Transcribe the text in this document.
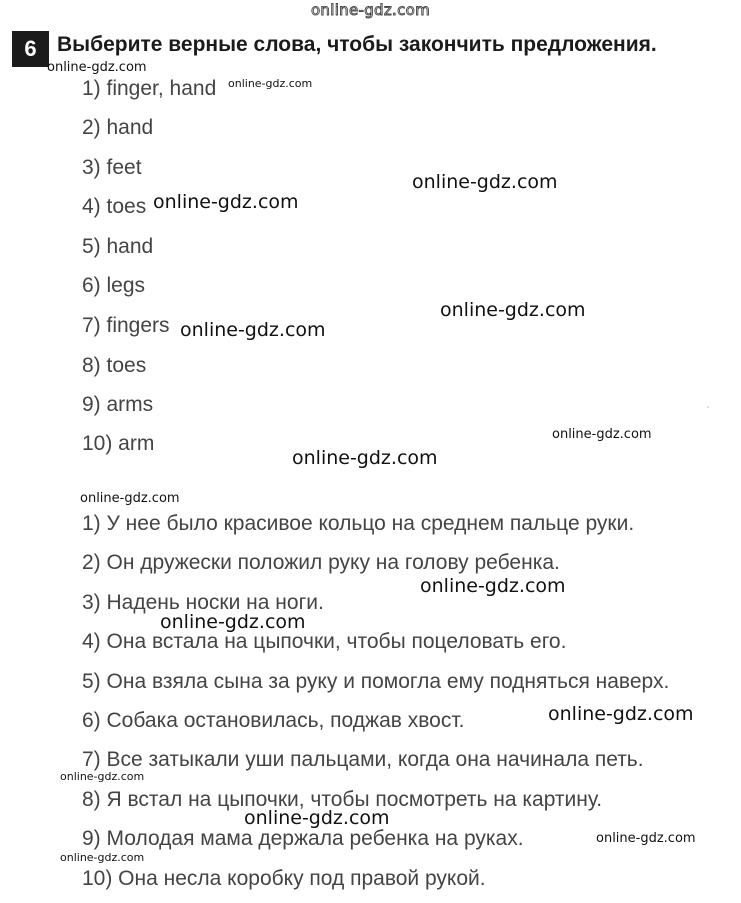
online-gdz.com
6 Выберите верные слова, чтобы закончить предложения.
1) finger, hand
2) hand
3) feet
4) toes
5) hand
6) legs
7) fingers
8) toes
9) arms
10) arm
1) У нее было красивое кольцо на среднем пальце руки.
2) Он дружески положил руку на голову ребенка.
3) Надень носки на ноги.
4) Она встала на цыпочки, чтобы поцеловать его.
5) Она взяла сына за руку и помогла ему подняться наверх.
6) Собака остановилась, поджав хвост.
7) Все затыкали уши пальцами, когда она начинала петь.
8) Я встал на цыпочки, чтобы посмотреть на картину.
9) Молодая мама держала ребенка на руках.
10) Она несла коробку под правой рукой.
online-gdz.com
online-gdz.com
online-gdz.com
online-gdz.com
online-gdz.com
online-gdz.com
online-gdz.com
online-gdz.com
online-gdz.com
online-gdz.com
online-gdz.com
online-gdz.com
online-gdz.com
online-gdz.com
online-gdz.com
online-gdz.com
